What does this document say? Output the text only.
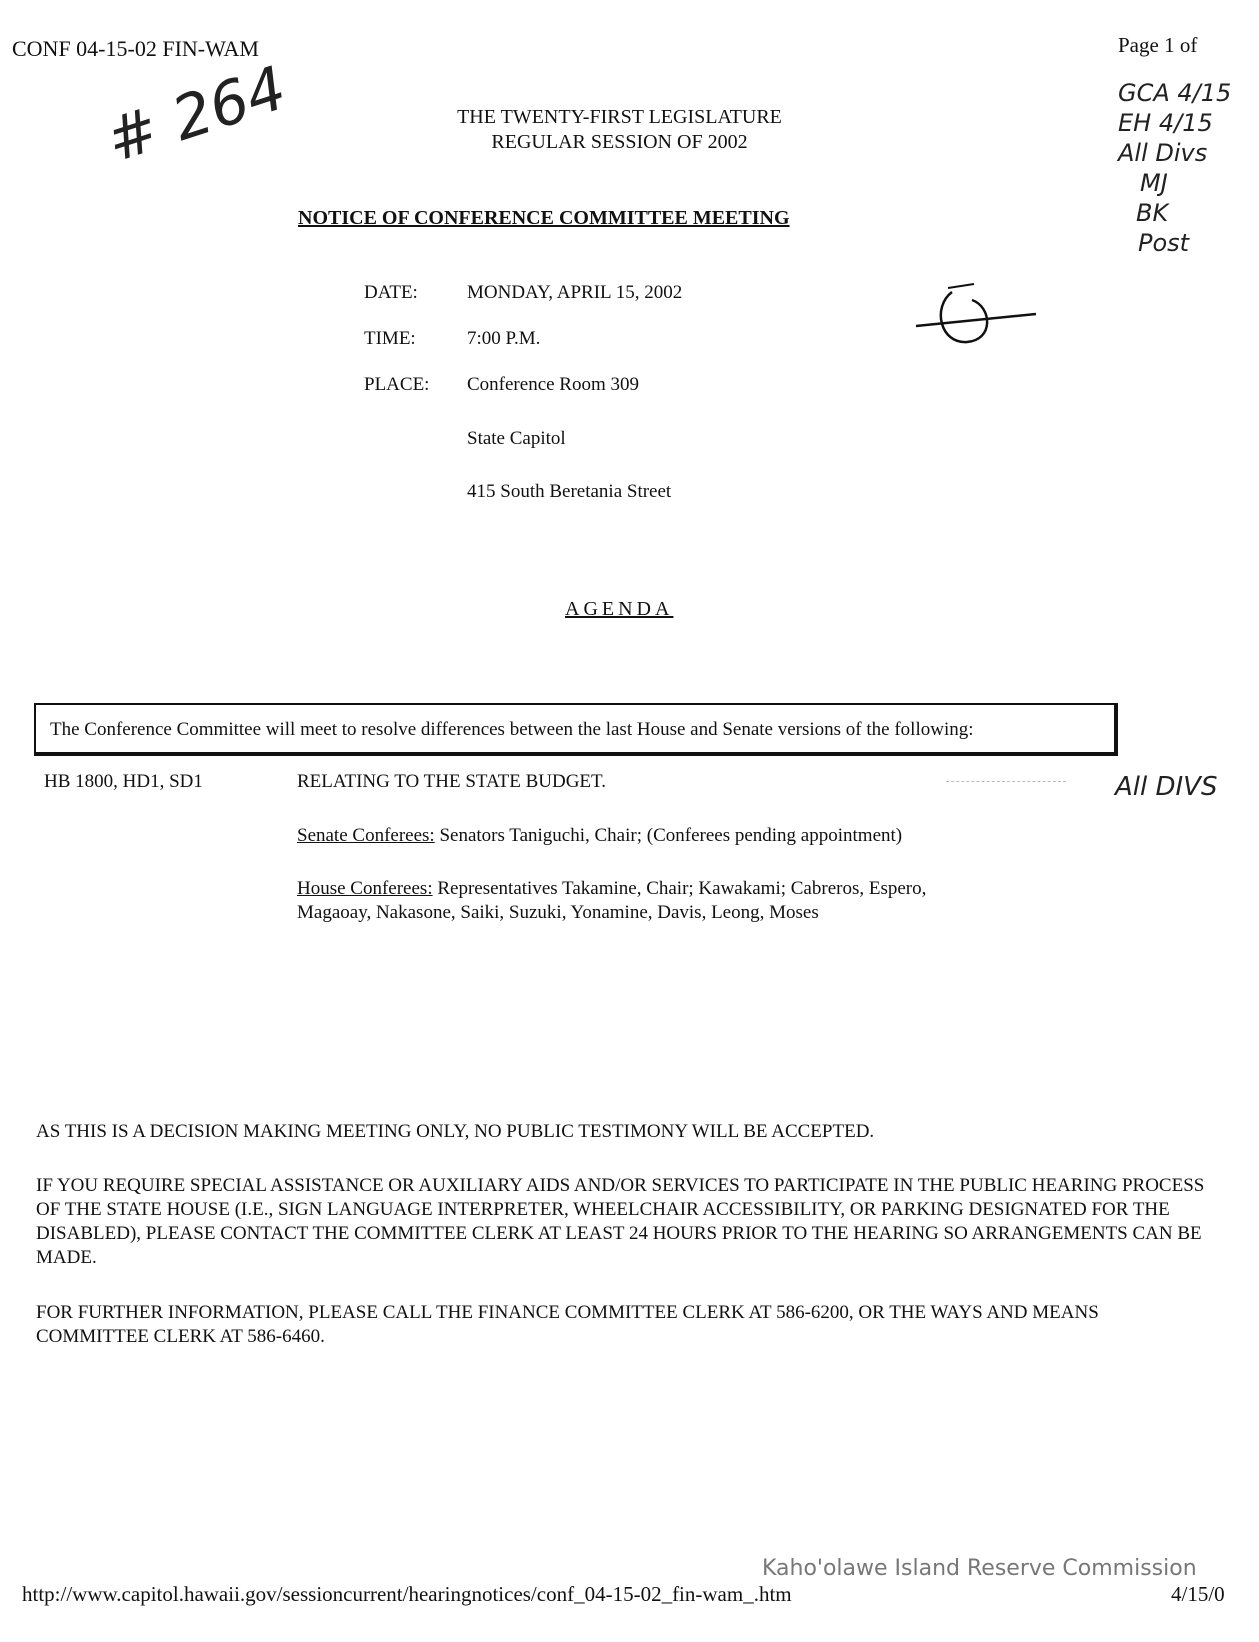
CONF 04-15-02 FIN-WAM	Page 1 of
# 264	GCA 4/15
EH 4/15
All Divs
MJ
BK
Post
THE TWENTY-FIRST LEGISLATURE
REGULAR SESSION OF 2002
NOTICE OF CONFERENCE COMMITTEE MEETING
DATE:	MONDAY, APRIL 15, 2002
TIME:	7:00 P.M.
PLACE: Conference Room 309
State Capitol
415 South Beretania Street
AGENDA
The Conference Committee will meet to resolve differences between the last House and Senate versions of the following:
HB 1800, HD1, SD1	RELATING TO THE STATE BUDGET.	All DIVS
Senate Conferees: Senators Taniguchi, Chair; (Conferees pending appointment)
House Conferees: Representatives Takamine, Chair; Kawakami; Cabreros, Espero,
Magaoay, Nakasone, Saiki, Suzuki, Yonamine, Davis, Leong, Moses
AS THIS IS A DECISION MAKING MEETING ONLY, NO PUBLIC TESTIMONY WILL BE ACCEPTED.
IF YOU REQUIRE SPECIAL ASSISTANCE OR AUXILIARY AIDS AND/OR SERVICES TO PARTICIPATE IN THE PUBLIC HEARING PROCESS OF THE STATE HOUSE (I.E., SIGN LANGUAGE INTERPRETER, WHEELCHAIR ACCESSIBILITY, OR PARKING DESIGNATED FOR THE DISABLED), PLEASE CONTACT THE COMMITTEE CLERK AT LEAST 24 HOURS PRIOR TO THE HEARING SO ARRANGEMENTS CAN BE MADE.
FOR FURTHER INFORMATION, PLEASE CALL THE FINANCE COMMITTEE CLERK AT 586-6200, OR THE WAYS AND MEANS COMMITTEE CLERK AT 586-6460.
Kaho'olawe Island Reserve Commission
http://www.capitol.hawaii.gov/sessioncurrent/hearingnotices/conf_04-15-02_fin-wam_.htm	4/15/0
